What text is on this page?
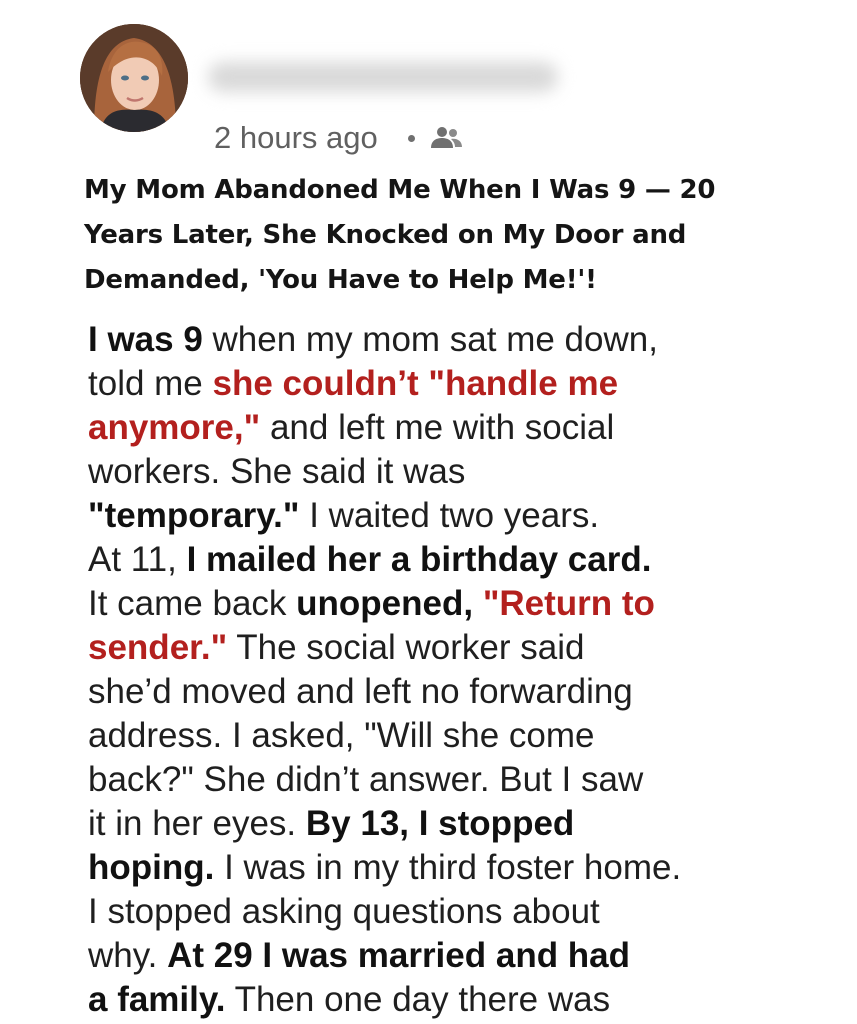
2 hours ago
My Mom Abandoned Me When I Was 9 — 20 Years Later, She Knocked on My Door and Demanded, 'You Have to Help Me!'!
I was 9 when my mom sat me down,
told me she couldn’t "handle me
anymore," and left me with social
workers. She said it was
"temporary." I waited two years.
At 11, I mailed her a birthday card.
It came back unopened, "Return to
sender." The social worker said
she’d moved and left no forwarding
address. I asked, "Will she come
back?" She didn’t answer. But I saw
it in her eyes. By 13, I stopped
hoping. I was in my third foster home.
I stopped asking questions about
why. At 29 I was married and had
a family. Then one day there was
